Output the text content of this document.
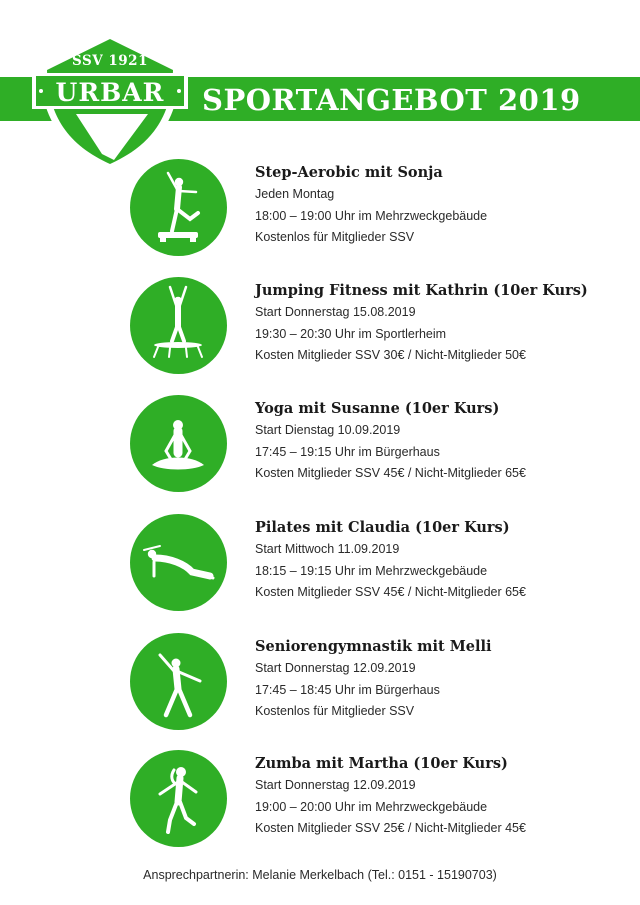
SPORTANGEBOT 2019
SSV 1921
URBAR
Step-Aerobic mit Sonja
Jeden Montag
18:00 – 19:00 Uhr im Mehrzweckgebäude
Kostenlos für Mitglieder SSV
Jumping Fitness mit Kathrin (10er Kurs)
Start Donnerstag 15.08.2019
19:30 – 20:30 Uhr im Sportlerheim
Kosten Mitglieder SSV 30€ / Nicht-Mitglieder 50€
Yoga mit Susanne (10er Kurs)
Start Dienstag 10.09.2019
17:45 – 19:15 Uhr im Bürgerhaus
Kosten Mitglieder SSV 45€ / Nicht-Mitglieder 65€
Pilates mit Claudia (10er Kurs)
Start Mittwoch 11.09.2019
18:15 – 19:15 Uhr im Mehrzweckgebäude
Kosten Mitglieder SSV 45€ / Nicht-Mitglieder 65€
Seniorengymnastik mit Melli
Start Donnerstag 12.09.2019
17:45 – 18:45 Uhr im Bürgerhaus
Kostenlos für Mitglieder SSV
Zumba mit Martha (10er Kurs)
Start Donnerstag 12.09.2019
19:00 – 20:00 Uhr im Mehrzweckgebäude
Kosten Mitglieder SSV 25€ / Nicht-Mitglieder 45€
Ansprechpartnerin: Melanie Merkelbach (Tel.: 0151 - 15190703)
